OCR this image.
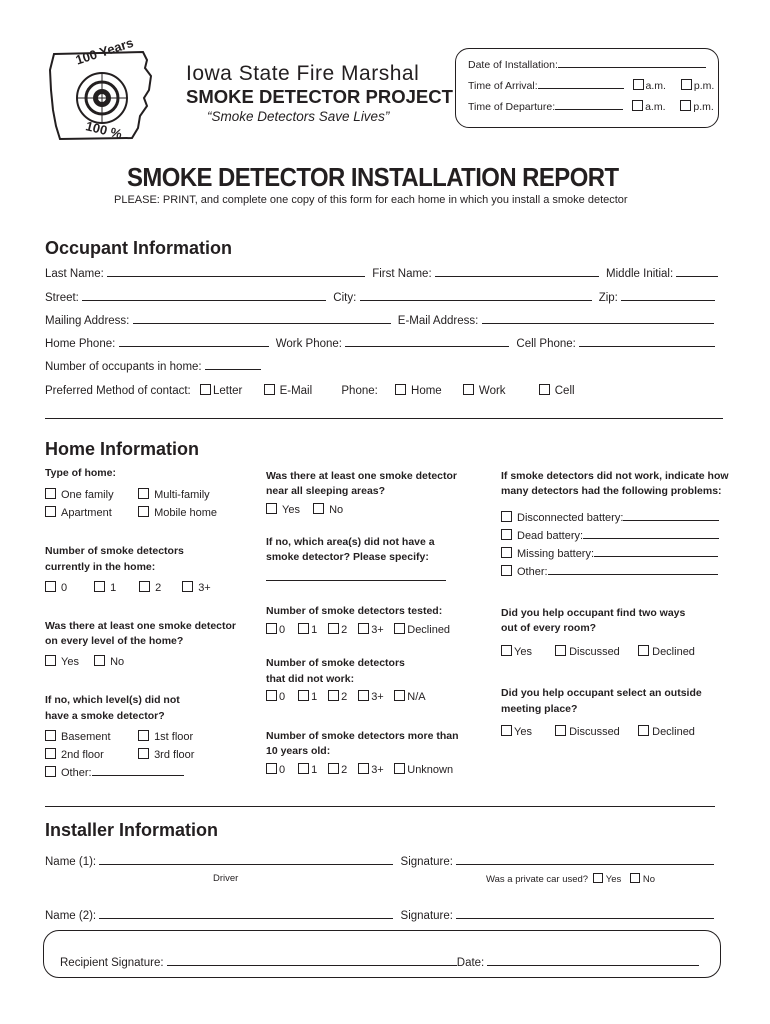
100 Years
100 %
Iowa State Fire Marshal
SMOKE DETECTOR PROJECT
“Smoke Detectors Save Lives”
Date of Installation:
Time of Arrival:	a.m.	p.m.
Time of Departure:	a.m.	p.m.
SMOKE DETECTOR INSTALLATION REPORT
PLEASE: PRINT, and complete one copy of this form for each home in which you install a smoke detector
Occupant Information
Last Name:	First Name:	Middle Initial:
Street:	City:	Zip:
Mailing Address:	E-Mail Address:
Home Phone:	Work Phone:	Cell Phone:
Number of occupants in home:
Preferred Method of contact: Letter	E-Mail	Phone:	Home	Work	Cell
Home Information
Type of home:
One family	Multi-family
Apartment	Mobile home
Number of smoke detectors
currently in the home:
0	1	2	3+
Was there at least one smoke detector
on every level of the home?
Yes	No
If no, which level(s) did not
have a smoke detector?
Basement	1st floor
2nd floor	3rd floor
Other:
Was there at least one smoke detector
near all sleeping areas?
Yes	No
If no, which area(s) did not have a
smoke detector? Please specify:
Number of smoke detectors tested:
0 1 2 3+ Declined
Number of smoke detectors
that did not work:
0 1 2 3+ N/A
Number of smoke detectors more than
10 years old:
0 1 2 3+ Unknown
If smoke detectors did not work, indicate how
many detectors had the following problems:
Disconnected battery:
Dead battery:
Missing battery:
Other:
Did you help occupant find two ways
out of every room?
Yes	Discussed	Declined
Did you help occupant select an outside
meeting place?
Yes	Discussed	Declined
Installer Information
Name (1):	Signature:
Driver	Was a private car used? Yes No
Name (2):	Signature:
Recipient Signature:	Date:
